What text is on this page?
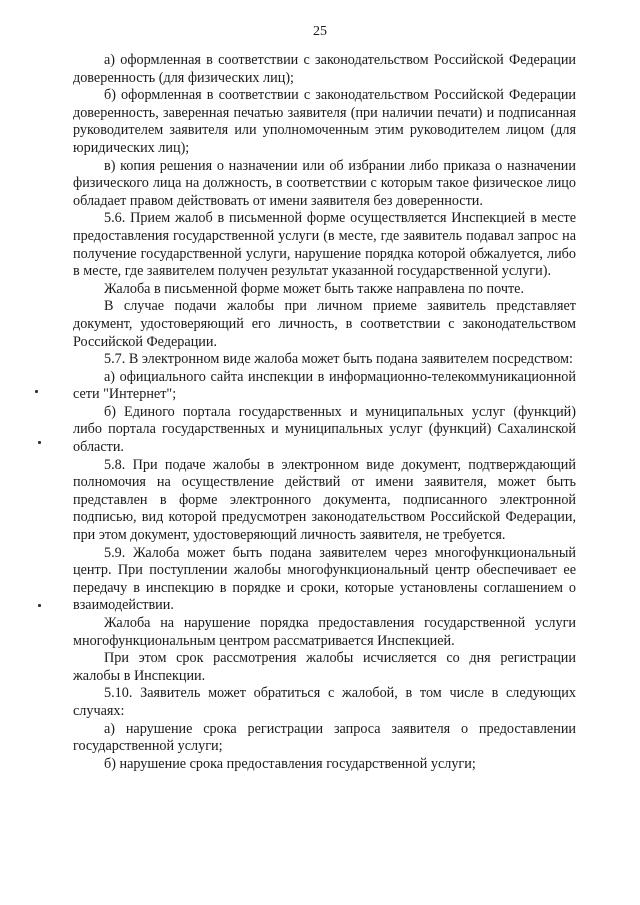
25

а) оформленная в соответствии с законодательством Российской Федерации доверенность (для физических лиц);

б) оформленная в соответствии с законодательством Российской Федерации доверенность, заверенная печатью заявителя (при наличии печати) и подписанная руководителем заявителя или уполномоченным этим руководителем лицом (для юридических лиц);

в) копия решения о назначении или об избрании либо приказа о назначении физического лица на должность, в соответствии с которым такое физическое лицо обладает правом действовать от имени заявителя без доверенности.

5.6. Прием жалоб в письменной форме осуществляется Инспекцией в месте предоставления государственной услуги (в месте, где заявитель подавал запрос на получение государственной услуги, нарушение порядка которой обжалуется, либо в месте, где заявителем получен результат указанной государственной услуги).

Жалоба в письменной форме может быть также направлена по почте.

В случае подачи жалобы при личном приеме заявитель представляет документ, удостоверяющий его личность, в соответствии с законодательством Российской Федерации.

5.7. В электронном виде жалоба может быть подана заявителем посредством:

а) официального сайта инспекции в информационно-телекоммуникационной сети "Интернет";

б) Единого портала государственных и муниципальных услуг (функций) либо портала государственных и муниципальных услуг (функций) Сахалинской области.

5.8. При подаче жалобы в электронном виде документ, подтверждающий полномочия на осуществление действий от имени заявителя, может быть представлен в форме электронного документа, подписанного электронной подписью, вид которой предусмотрен законодательством Российской Федерации, при этом документ, удостоверяющий личность заявителя, не требуется.

5.9. Жалоба может быть подана заявителем через многофункциональный центр. При поступлении жалобы многофункциональный центр обеспечивает ее передачу в инспекцию в порядке и сроки, которые установлены соглашением о взаимодействии.

Жалоба на нарушение порядка предоставления государственной услуги многофункциональным центром рассматривается Инспекцией.

При этом срок рассмотрения жалобы исчисляется со дня регистрации жалобы в Инспекции.

5.10. Заявитель может обратиться с жалобой, в том числе в следующих случаях:

а) нарушение срока регистрации запроса заявителя о предоставлении государственной услуги;

б) нарушение срока предоставления государственной услуги;
